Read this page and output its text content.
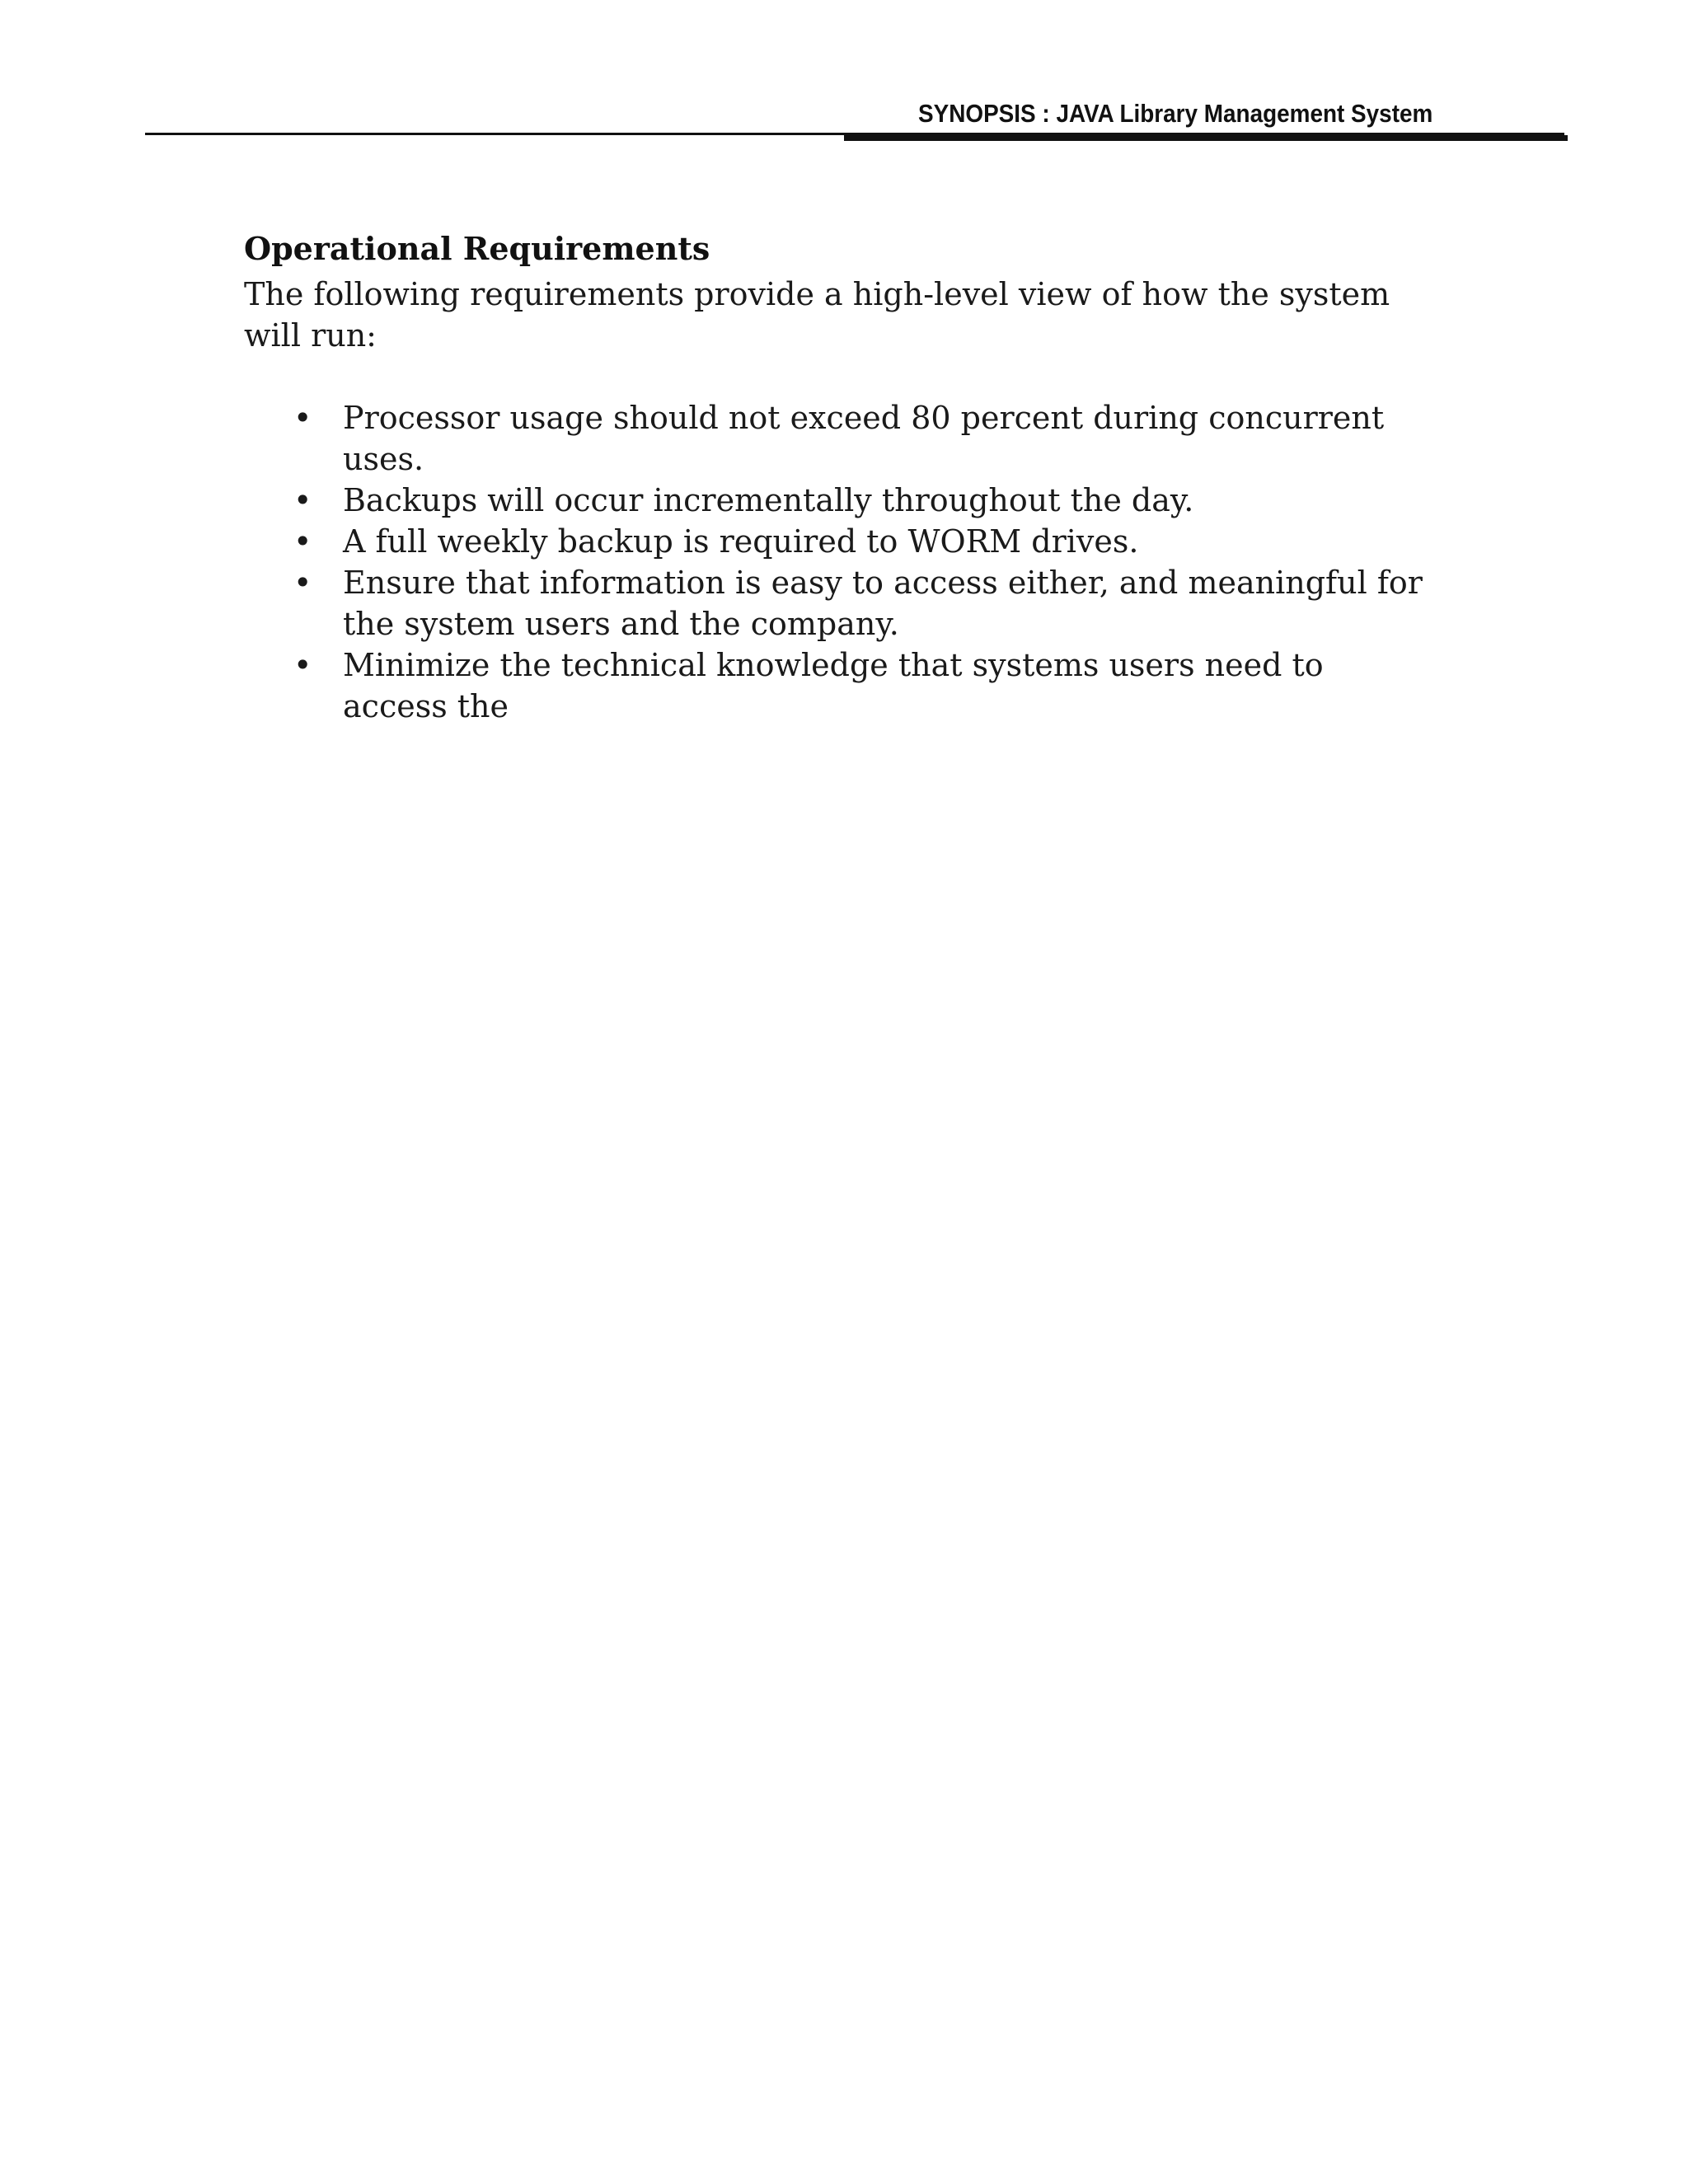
SYNOPSIS : JAVA Library Management System
Operational Requirements

The following requirements provide a high-level view of how the system will run:

• Processor usage should not exceed 80 percent during concurrent uses.
• Backups will occur incrementally throughout the day.
• A full weekly backup is required to WORM drives.
• Ensure that information is easy to access either, and meaningful for the system users and the company.
• Minimize the technical knowledge that systems users need to access the
